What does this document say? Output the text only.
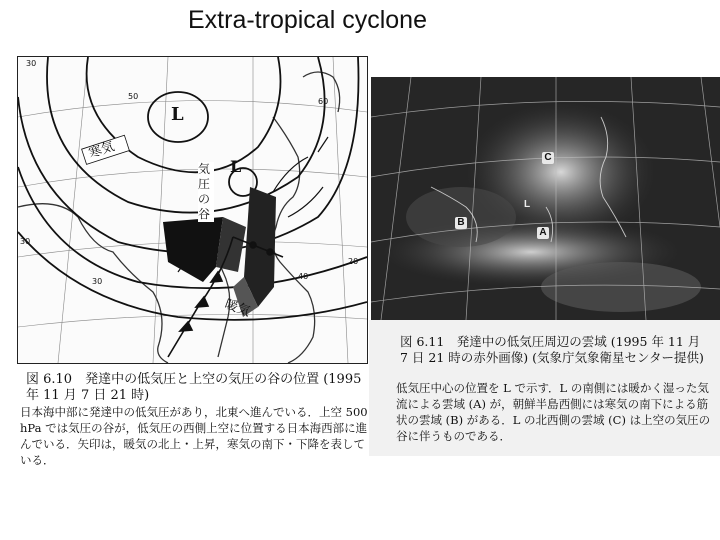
Extra-tropical cyclone
L
L
寒気
気
圧
の
谷
暖気
30
50
60
20
40
30
30
図 6.10　発達中の低気圧と上空の気圧の谷の位置 (1995 年 11 月 7 日 21 時)
日本海中部に発達中の低気圧があり，北東へ進んでいる．上空 500 hPa では気圧の谷が，低気圧の西側上空に位置する日本海西部に進んでいる．矢印は，暖気の北上・上昇，寒気の南下・下降を表している．
C
L
B
A
図 6.11　発達中の低気圧周辺の雲域 (1995 年 11 月 7 日 21 時の赤外画像) (気象庁気象衛星センター提供)
低気圧中心の位置を L で示す．L の南側には暖かく湿った気流による雲域 (A) が，朝鮮半島西側には寒気の南下による筋状の雲域 (B) がある．L の北西側の雲域 (C) は上空の気圧の谷に伴うものである．
